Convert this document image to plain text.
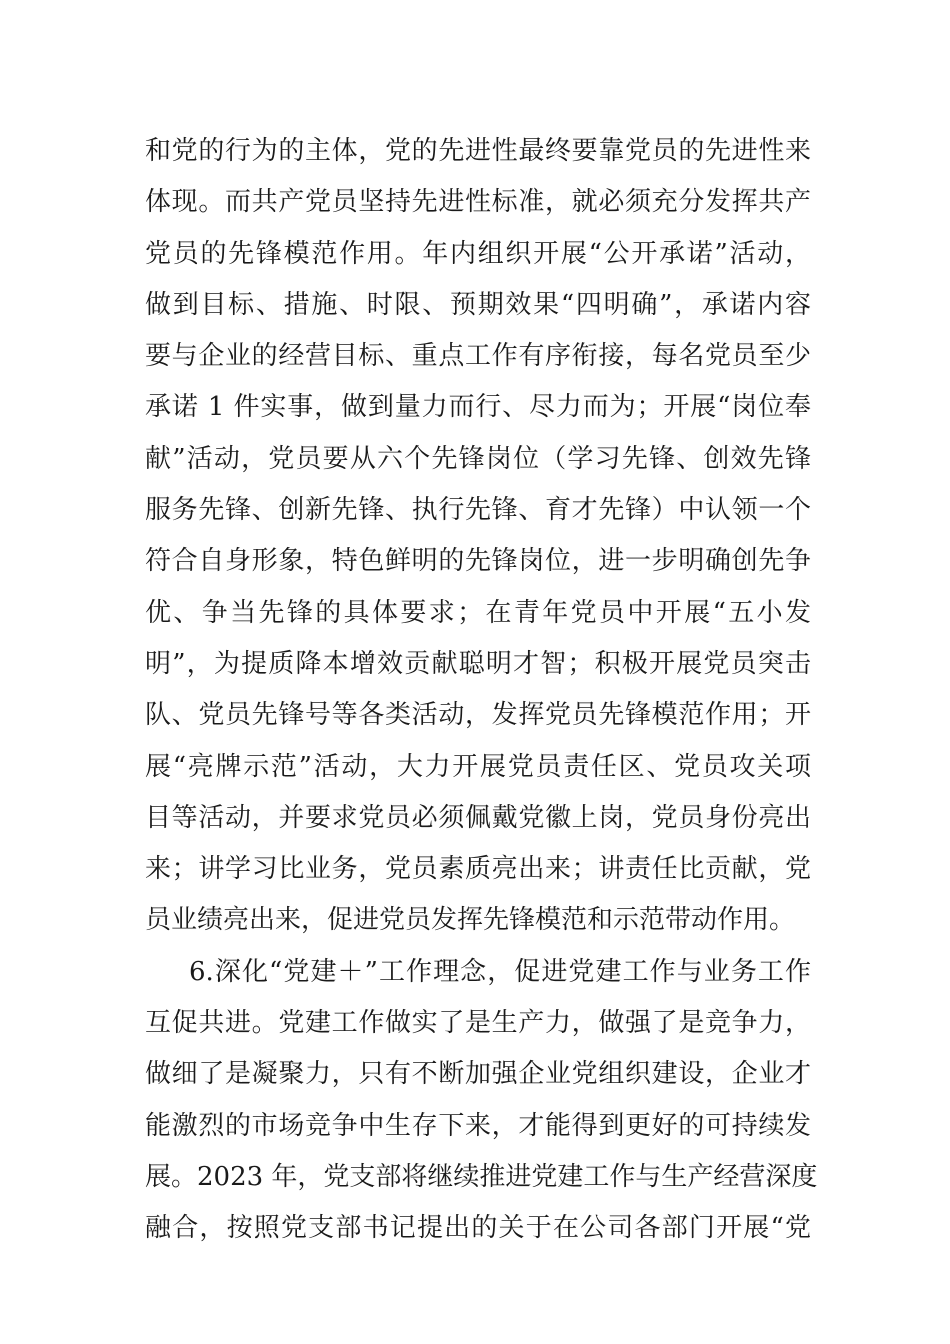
和党的行为的主体，党的先进性最终要靠党员的先进性来
体现。而共产党员坚持先进性标准，就必须充分发挥共产
党员的先锋模范作用。年内组织开展“公开承诺”活动，
做到目标、措施、时限、预期效果“四明确”，承诺内容
要与企业的经营目标、重点工作有序衔接，每名党员至少
承诺 1 件实事，做到量力而行、尽力而为；开展“岗位奉
献”活动，党员要从六个先锋岗位（学习先锋、创效先锋
服务先锋、创新先锋、执行先锋、育才先锋）中认领一个
符合自身形象，特色鲜明的先锋岗位，进一步明确创先争
优、争当先锋的具体要求；在青年党员中开展“五小发
明”，为提质降本增效贡献聪明才智；积极开展党员突击
队、党员先锋号等各类活动，发挥党员先锋模范作用；开
展“亮牌示范”活动，大力开展党员责任区、党员攻关项
目等活动，并要求党员必须佩戴党徽上岗，党员身份亮出
来；讲学习比业务，党员素质亮出来；讲责任比贡献，党
员业绩亮出来，促进党员发挥先锋模范和示范带动作用。
6.深化“党建＋”工作理念，促进党建工作与业务工作
互促共进。党建工作做实了是生产力，做强了是竞争力，
做细了是凝聚力，只有不断加强企业党组织建设，企业才
能激烈的市场竞争中生存下来，才能得到更好的可持续发
展。2023 年，党支部将继续推进党建工作与生产经营深度
融合，按照党支部书记提出的关于在公司各部门开展“党
